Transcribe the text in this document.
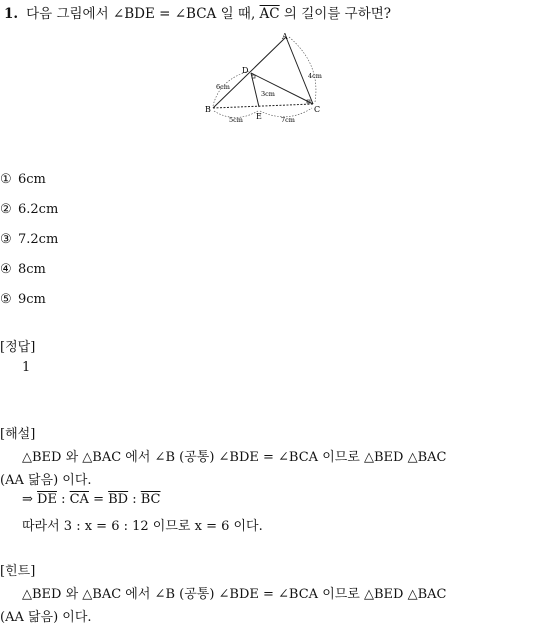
1. 다음 그림에서 ∠BDE = ∠BCA 일 때, $\overline{AC}$ 의 길이를 구하면?
A
B	C
D
E
6cm
3cm
4cm
5cm	7cm
① 6cm
② 6.2cm
③ 7.2cm
④ 8cm
⑤ 9cm
[정답]
1
[해설]
△BED 와 △BAC 에서 ∠B (공통) ∠BDE = ∠BCA 이므로 △BED △BAC
(AA 닮음) 이다.
⇒ $\overline{DE}$ : $\overline{CA} = \overline{BD}$ : $\overline{BC}$
따라서 3 : x = 6 : 12 이므로 x = 6 이다.
[힌트]
△BED 와 △BAC 에서 ∠B (공통) ∠BDE = ∠BCA 이므로 △BED △BAC
(AA 닮음) 이다.
